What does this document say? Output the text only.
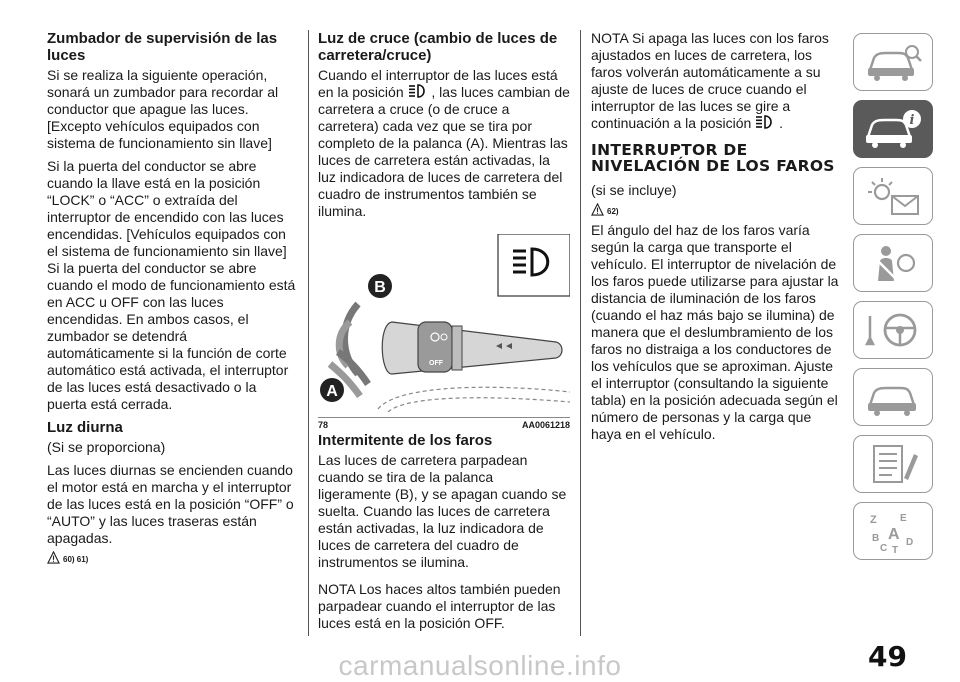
Zumbador de supervisión de las luces

Si se realiza la siguiente operación, sonará un zumbador para recordar al conductor que apague las luces. [Excepto vehículos equipados con sistema de funcionamiento sin llave]

Si la puerta del conductor se abre cuando la llave está en la posición “LOCK” o “ACC” o extraída del interruptor de encendido con las luces encendidas. [Vehículos equipados con el sistema de funcionamiento sin llave] Si la puerta del conductor se abre cuando el modo de funcionamiento está en ACC u OFF con las luces encendidas. En ambos casos, el zumbador se detendrá automáticamente si la función de corte automático está activada, el interruptor de las luces está desactivado o la puerta está cerrada.

Luz diurna

(Si se proporciona)

Las luces diurnas se encienden cuando el motor está en marcha y el interruptor de las luces está en la posición “OFF” o “AUTO” y las luces traseras están apagadas.

60) 61)
Luz de cruce (cambio de luces de carretera/cruce)

Cuando el interruptor de las luces está en la posición , las luces cambian de carretera a cruce (o de cruce a carretera) cada vez que se tira por completo de la palanca (A). Mientras las luces de carretera están activadas, la luz indicadora de luces de carretera del cuadro de instrumentos también se ilumina.

OFF
B
A
78	AA0061218
Intermitente de los faros

Las luces de carretera parpadean cuando se tira de la palanca ligeramente (B), y se apagan cuando se suelta. Cuando las luces de carretera están activadas, la luz indicadora de luces de carretera del cuadro de instrumentos se ilumina.

NOTA Los haces altos también pueden parpadear cuando el interruptor de las luces está en la posición OFF.

NOTA Si apaga las luces con los faros ajustados en luces de carretera, los faros volverán automáticamente a su ajuste de luces de cruce cuando el interruptor de las luces se gire a continuación a la posición .

INTERRUPTOR DE NIVELACIÓN DE LOS FAROS

(si se incluye)

62)

El ángulo del haz de los faros varía según la carga que transporte el vehículo. El interruptor de nivelación de los faros puede utilizarse para ajustar la distancia de iluminación de los faros (cuando el haz más bajo se ilumina) de manera que el deslumbramiento de los faros no distraiga a los conductores de los vehículos que se aproximan. Ajuste el interruptor (consultando la siguiente tabla) en la posición adecuada según el número de personas y la carga que haya en el vehículo.

i
Z E
A
B
C
D
T
49
carmanualsonline.info
